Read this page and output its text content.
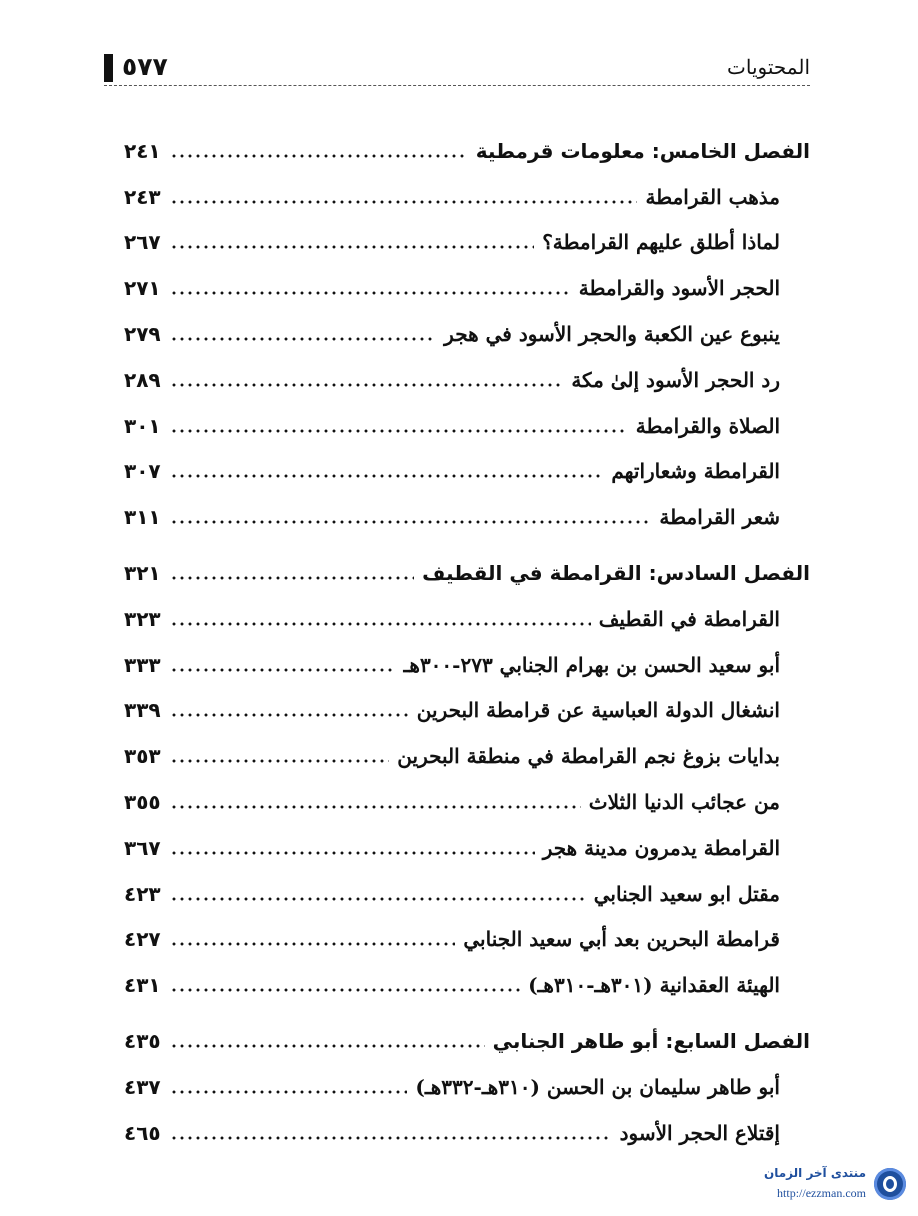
٥٧٧	المحتويات
٢٤١	الفصل الخامس: معلومات قرمطية
٢٤٣	مذهب القرامطة
٢٦٧	لماذا أطلق عليهم القرامطة؟
٢٧١	الحجر الأسود والقرامطة
٢٧٩	ينبوع عين الكعبة والحجر الأسود في هجر
٢٨٩	رد الحجر الأسود إلىٰ مكة
٣٠١	الصلاة والقرامطة
٣٠٧	القرامطة وشعاراتهم
٣١١	شعر القرامطة
٣٢١	الفصل السادس: القرامطة في القطيف
٣٢٣	القرامطة في القطيف
٣٣٣	أبو سعيد الحسن بن بهرام الجنابي ٢٧٣-٣٠٠هـ
٣٣٩	انشغال الدولة العباسية عن قرامطة البحرين
٣٥٣	بدايات بزوغ نجم القرامطة في منطقة البحرين
٣٥٥	من عجائب الدنيا الثلاث
٣٦٧	القرامطة يدمرون مدينة هجر
٤٢٣	مقتل ابو سعيد الجنابي
٤٢٧	قرامطة البحرين بعد أبي سعيد الجنابي
٤٣١	الهيئة العقدانية (٣٠١هـ-٣١٠هـ)
٤٣٥	الفصل السابع: أبو طاهر الجنابي
٤٣٧	أبو طاهر سليمان بن الحسن (٣١٠هـ-٣٣٢هـ)
٤٦٥	إقتلاع الحجر الأسود
منتدى آخر الزمان
http://ezzman.com
